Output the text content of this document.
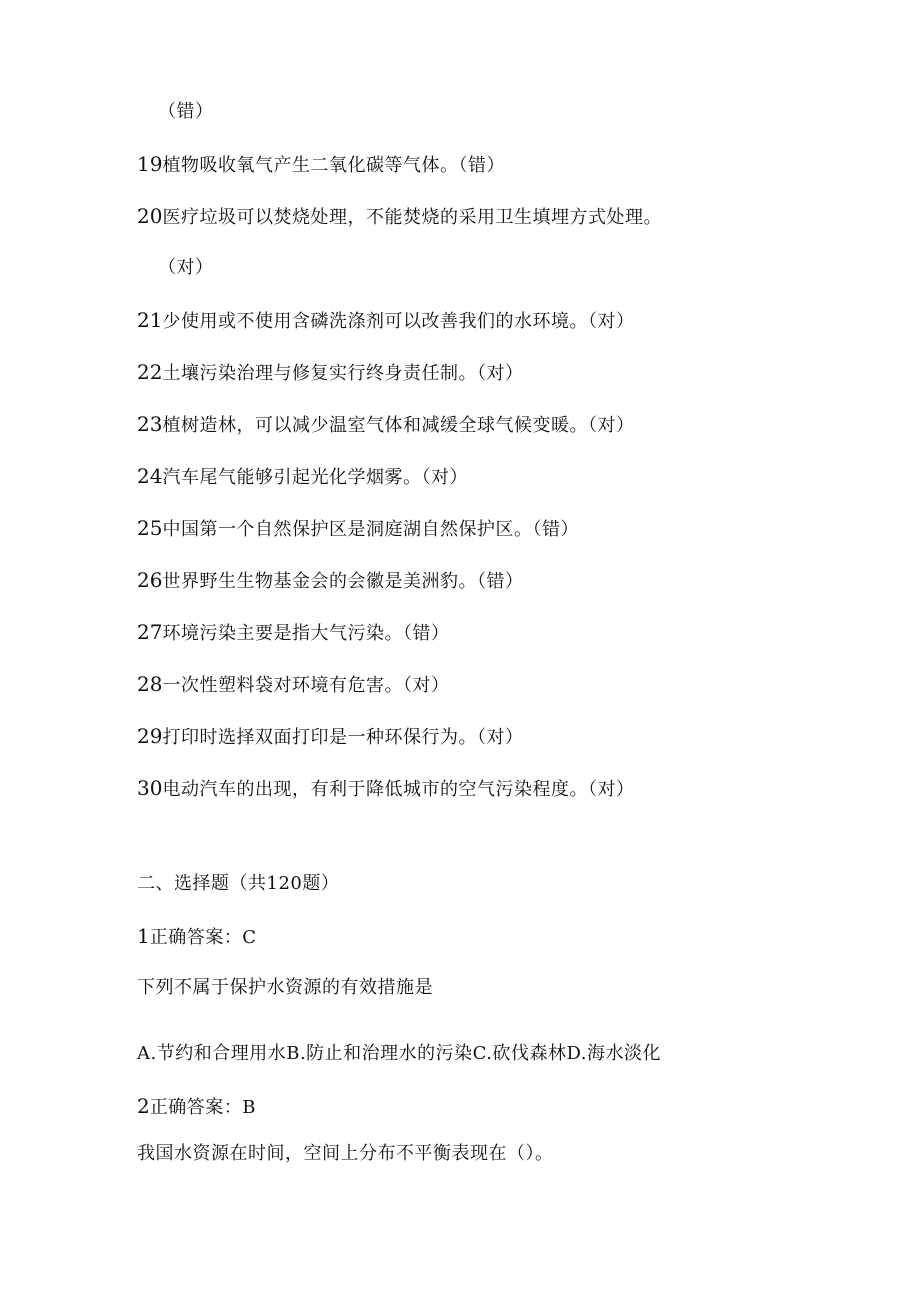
（错）
19植物吸收氧气产生二氧化碳等气体。（错）
20医疗垃圾可以焚烧处理，不能焚烧的采用卫生填埋方式处理。
（对）
21少使用或不使用含磷洗涤剂可以改善我们的水环境。（对）
22土壤污染治理与修复实行终身责任制。（对）
23植树造林，可以减少温室气体和减缓全球气候变暖。（对）
24汽车尾气能够引起光化学烟雾。（对）
25中国第一个自然保护区是洞庭湖自然保护区。（错）
26世界野生生物基金会的会徽是美洲豹。（错）
27环境污染主要是指大气污染。（错）
28一次性塑料袋对环境有危害。（对）
29打印时选择双面打印是一种环保行为。（对）
30电动汽车的出现，有利于降低城市的空气污染程度。（对）
二、选择题（共120题）
1正确答案：C
下列不属于保护水资源的有效措施是
A.节约和合理用水B.防止和治理水的污染C.砍伐森林D.海水淡化
2正确答案：B
我国水资源在时间，空间上分布不平衡表现在（）。
